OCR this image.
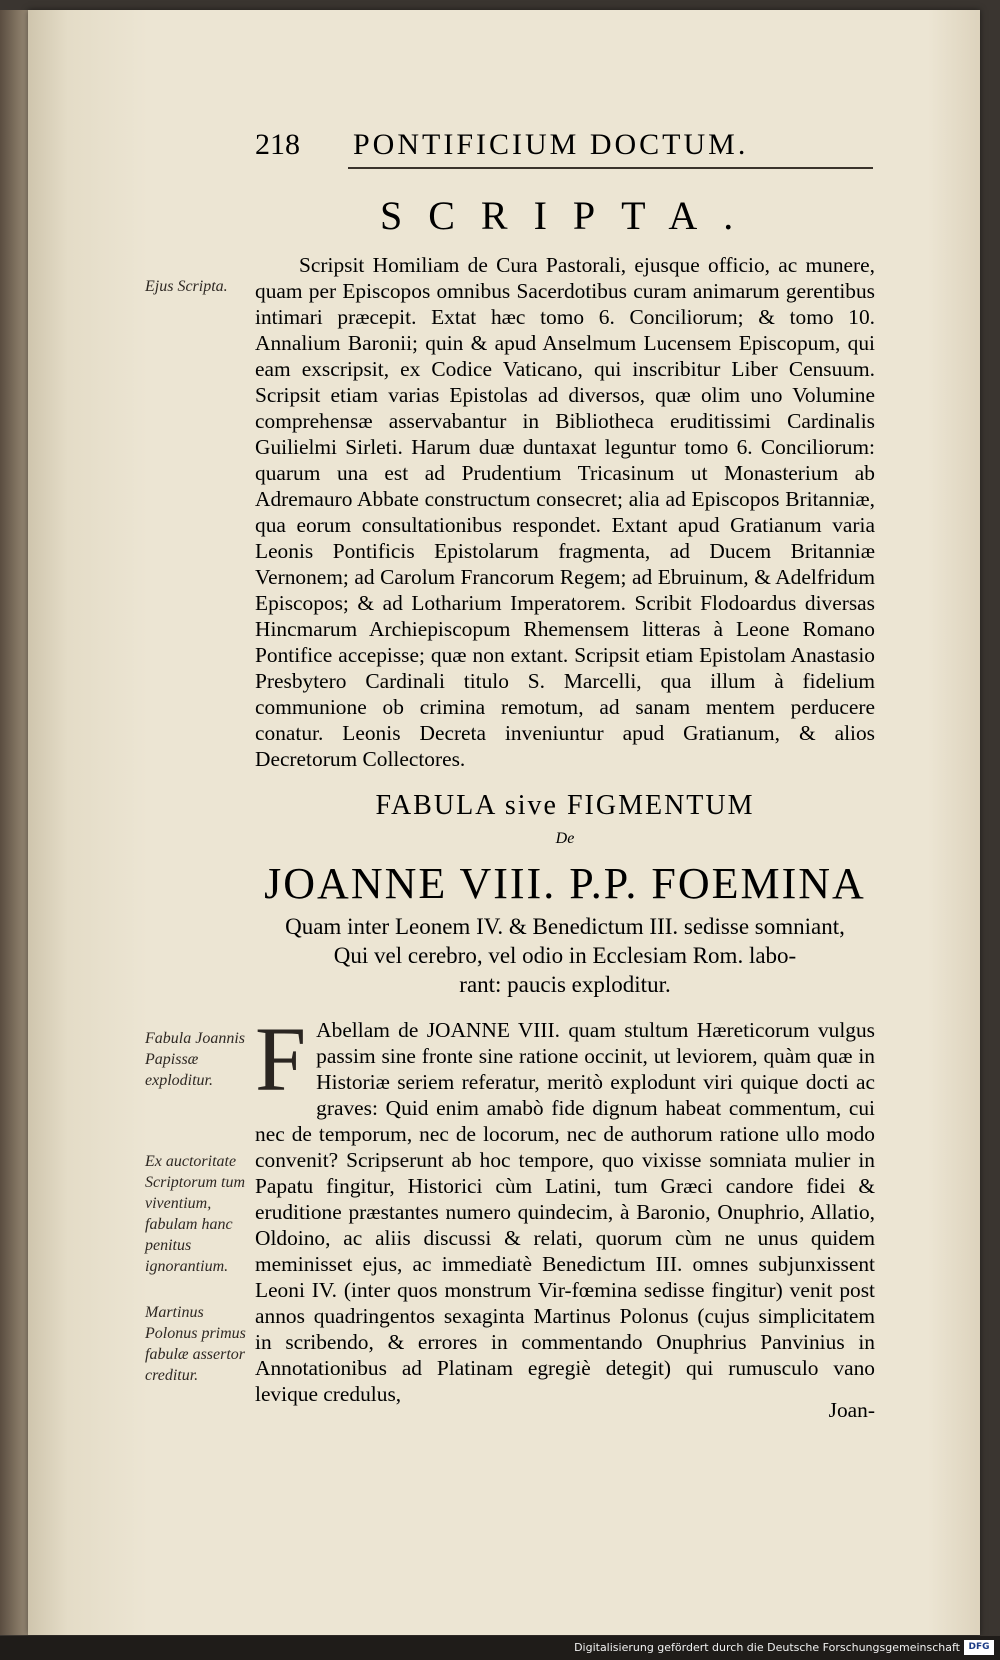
218 PONTIFICIUM DOCTUM.
SCRIPTA.
Ejus Scripta.

Scripsit Homiliam de Cura Pastorali, ejusque officio, ac munere, quam per Episcopos omnibus Sacerdotibus curam animarum gerentibus intimari præcepit. Extat hæc tomo 6. Conciliorum; & tomo 10. Annalium Baronii; quin & apud Anselmum Lucensem Episcopum, qui eam exscripsit, ex Codice Vaticano, qui inscribitur Liber Censuum. Scripsit etiam varias Epistolas ad diversos, quæ olim uno Volumine comprehensæ asservabantur in Bibliotheca eruditissimi Cardinalis Guilielmi Sirleti. Harum duæ duntaxat leguntur tomo 6. Conciliorum: quarum una est ad Prudentium Tricasinum ut Monasterium ab Adremauro Abbate constructum consecret; alia ad Episcopos Britanniæ, qua eorum consultationibus respondet. Extant apud Gratianum varia Leonis Pontificis Epistolarum fragmenta, ad Ducem Britanniæ Vernonem; ad Carolum Francorum Regem; ad Ebruinum, & Adelfridum Episcopos; & ad Lotharium Imperatorem. Scribit Flodoardus diversas Hincmarum Archiepiscopum Rhemensem litteras à Leone Romano Pontifice accepisse; quæ non extant. Scripsit etiam Epistolam Anastasio Presbytero Cardinali titulo S. Marcelli, qua illum à fidelium communione ob crimina remotum, ad sanam mentem perducere conatur. Leonis Decreta inveniuntur apud Gratianum, & alios Decretorum Collectores.

FABULA sive FIGMENTUM
De
JOANNE VIII. P.P. FOEMINA
Quam inter Leonem IV. & Benedictum III. sedisse somniant,
Qui vel cerebro, vel odio in Ecclesiam Rom. labo-
rant: paucis exploditur.
Fabula Joannis Papissæ exploditur.
Ex auctoritate Scriptorum tum viventium, fabulam hanc penitus ignorantium.
Martinus Polonus primus fabulæ assertor creditur.
F Abellam de JOANNE VIII. quam stultum Hæreticorum vulgus passim sine fronte sine ratione occinit, ut leviorem, quàm quæ in Historiæ seriem referatur, meritò explodunt viri quique docti ac graves: Quid enim amabò fide dignum habeat commentum, cui nec de temporum, nec de locorum, nec de authorum ratione ullo modo convenit? Scripserunt ab hoc tempore, quo vixisse somniata mulier in Papatu fingitur, Historici cùm Latini, tum Græci candore fidei & eruditione præstantes numero quindecim, à Baronio, Onuphrio, Allatio, Oldoino, ac aliis discussi & relati, quorum cùm ne unus quidem meminisset ejus, ac immediatè Benedictum III. omnes subjunxissent Leoni IV. (inter quos monstrum Vir-fœmina sedisse fingitur) venit post annos quadringentos sexaginta Martinus Polonus (cujus simplicitatem in scribendo, & errores in commentando Onuphrius Panvinius in Annotationibus ad Platinam egregiè detegit) qui rumusculo vano levique credulus,

Joan-
Digitalisierung gefördert durch die Deutsche Forschungsgemeinschaft DFG
